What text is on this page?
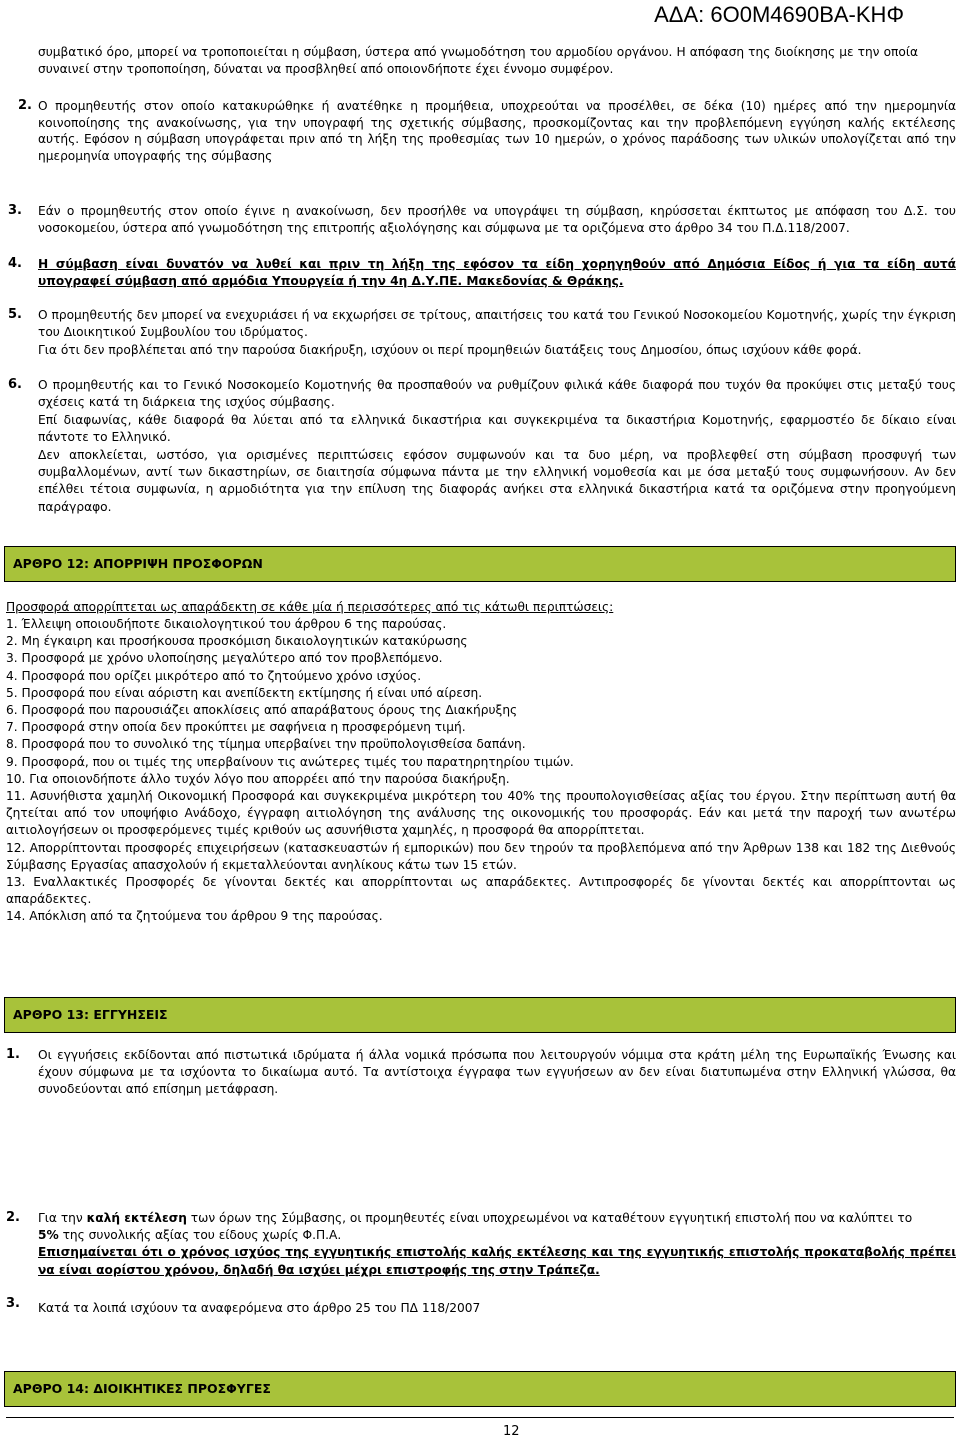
ΑΔΑ: 6Ο0Μ4690ΒΑ-ΚΗΦ
συμβατικό όρο, μπορεί να τροποποιείται η σύμβαση, ύστερα από γνωμοδότηση του αρμοδίου οργάνου. Η απόφαση της διοίκησης με την οποία συναινεί στην τροποποίηση, δύναται να προσβληθεί από οποιονδήποτε έχει έννομο συμφέρον.
2. Ο προμηθευτής στον οποίο κατακυρώθηκε ή ανατέθηκε η προμήθεια, υποχρεούται να προσέλθει, σε δέκα (10) ημέρες από την ημερομηνία κοινοποίησης της ανακοίνωσης, για την υπογραφή της σχετικής σύμβασης, προσκομίζοντας και την προβλεπόμενη εγγύηση καλής εκτέλεσης αυτής. Εφόσον η σύμβαση υπογράφεται πριν από τη λήξη της προθεσμίας των 10 ημερών, ο χρόνος παράδοσης των υλικών υπολογίζεται από την ημερομηνία υπογραφής της σύμβασης
3. Εάν ο προμηθευτής στον οποίο έγινε η ανακοίνωση, δεν προσήλθε να υπογράψει τη σύμβαση, κηρύσσεται έκπτωτος με απόφαση του Δ.Σ. του νοσοκομείου, ύστερα από γνωμοδότηση της επιτροπής αξιολόγησης και σύμφωνα με τα οριζόμενα στο άρθρο 34 του Π.Δ.118/2007.
4. Η σύμβαση είναι δυνατόν να λυθεί και πριν τη λήξη της εφόσον τα είδη χορηγηθούν από Δημόσια Είδος ή για τα είδη αυτά υπογραφεί σύμβαση από αρμόδια Υπουργεία ή την 4η Δ.Υ.ΠΕ. Μακεδονίας & Θράκης.
5. Ο προμηθευτής δεν μπορεί να ενεχυριάσει ή να εκχωρήσει σε τρίτους, απαιτήσεις του κατά του Γενικού Νοσοκομείου Κομοτηνής, χωρίς την έγκριση του Διοικητικού Συμβουλίου του ιδρύματος.
Για ότι δεν προβλέπεται από την παρούσα διακήρυξη, ισχύουν οι περί προμηθειών διατάξεις τους Δημοσίου, όπως ισχύουν κάθε φορά.
6. Ο προμηθευτής και το Γενικό Νοσοκομείο Κομοτηνής θα προσπαθούν να ρυθμίζουν φιλικά κάθε διαφορά που τυχόν θα προκύψει στις μεταξύ τους σχέσεις κατά τη διάρκεια της ισχύος σύμβασης.
Επί διαφωνίας, κάθε διαφορά θα λύεται από τα ελληνικά δικαστήρια και συγκεκριμένα τα δικαστήρια Κομοτηνής, εφαρμοστέο δε δίκαιο είναι πάντοτε το Ελληνικό.
Δεν αποκλείεται, ωστόσο, για ορισμένες περιπτώσεις εφόσον συμφωνούν και τα δυο μέρη, να προβλεφθεί στη σύμβαση προσφυγή των συμβαλλομένων, αντί των δικαστηρίων, σε διαιτησία σύμφωνα πάντα με την ελληνική νομοθεσία και με όσα μεταξύ τους συμφωνήσουν. Αν δεν επέλθει τέτοια συμφωνία, η αρμοδιότητα για την επίλυση της διαφοράς ανήκει στα ελληνικά δικαστήρια κατά τα οριζόμενα στην προηγούμενη παράγραφο.
ΑΡΘΡΟ 12: ΑΠΟΡΡΙΨΗ ΠΡΟΣΦΟΡΩΝ
Προσφορά απορρίπτεται ως απαράδεκτη σε κάθε μία ή περισσότερες από τις κάτωθι περιπτώσεις:
1. Έλλειψη οποιουδήποτε δικαιολογητικού του άρθρου 6 της παρούσας.
2. Μη έγκαιρη και προσήκουσα προσκόμιση δικαιολογητικών κατακύρωσης
3. Προσφορά με χρόνο υλοποίησης μεγαλύτερο από τον προβλεπόμενο.
4. Προσφορά που ορίζει μικρότερο από το ζητούμενο χρόνο ισχύος.
5. Προσφορά που είναι αόριστη και ανεπίδεκτη εκτίμησης ή είναι υπό αίρεση.
6. Προσφορά που παρουσιάζει αποκλίσεις από απαράβατους όρους της Διακήρυξης
7. Προσφορά στην οποία δεν προκύπτει με σαφήνεια η προσφερόμενη τιμή.
8. Προσφορά που το συνολικό της τίμημα υπερβαίνει την προϋπολογισθείσα δαπάνη.
9. Προσφορά, που οι τιμές της υπερβαίνουν τις ανώτερες τιμές του παρατηρητηρίου τιμών.
10. Για οποιονδήποτε άλλο τυχόν λόγο που απορρέει από την παρούσα διακήρυξη.
11. Ασυνήθιστα χαμηλή Οικονομική Προσφορά και συγκεκριμένα μικρότερη του 40% της προυπολογισθείσας αξίας του έργου. Στην περίπτωση αυτή θα ζητείται από τον υποψήφιο Ανάδοχο, έγγραφη αιτιολόγηση της ανάλυσης της οικονομικής του προσφοράς. Εάν και μετά την παροχή των ανωτέρω αιτιολογήσεων οι προσφερόμενες τιμές κριθούν ως ασυνήθιστα χαμηλές, η προσφορά θα απορρίπτεται.
12. Απορρίπτονται προσφορές επιχειρήσεων (κατασκευαστών ή εμπορικών) που δεν τηρούν τα προβλεπόμενα από την Άρθρων 138 και 182 της Διεθνούς Σύμβασης Εργασίας απασχολούν ή εκμεταλλεύονται ανηλίκους κάτω των 15 ετών.
13. Εναλλακτικές Προσφορές δε γίνονται δεκτές και απορρίπτονται ως απαράδεκτες. Αντιπροσφορές δε γίνονται δεκτές και απορρίπτονται ως απαράδεκτες.
14. Απόκλιση από τα ζητούμενα του άρθρου 9 της παρούσας.
ΑΡΘΡΟ 13: ΕΓΓΥΗΣΕΙΣ
1. Οι εγγυήσεις εκδίδονται από πιστωτικά ιδρύματα ή άλλα νομικά πρόσωπα που λειτουργούν νόμιμα στα κράτη μέλη της Ευρωπαϊκής Ένωσης και έχουν σύμφωνα με τα ισχύοντα το δικαίωμα αυτό. Τα αντίστοιχα έγγραφα των εγγυήσεων αν δεν είναι διατυπωμένα στην Ελληνική γλώσσα, θα συνοδεύονται από επίσημη μετάφραση.
2. Για την καλή εκτέλεση των όρων της Σύμβασης, οι προμηθευτές είναι υποχρεωμένοι να καταθέτουν εγγυητική επιστολή που να καλύπτει το
5% της συνολικής αξίας του είδους χωρίς Φ.Π.Α.
Επισημαίνεται ότι ο χρόνος ισχύος της εγγυητικής επιστολής καλής εκτέλεσης και της εγγυητικής επιστολής προκαταβολής πρέπει να είναι αορίστου χρόνου, δηλαδή θα ισχύει μέχρι επιστροφής της στην Τράπεζα.
3. Κατά τα λοιπά ισχύουν τα αναφερόμενα στο άρθρο 25 του ΠΔ 118/2007
ΑΡΘΡΟ 14: ΔΙΟΙΚΗΤΙΚΕΣ ΠΡΟΣΦΥΓΕΣ
12
